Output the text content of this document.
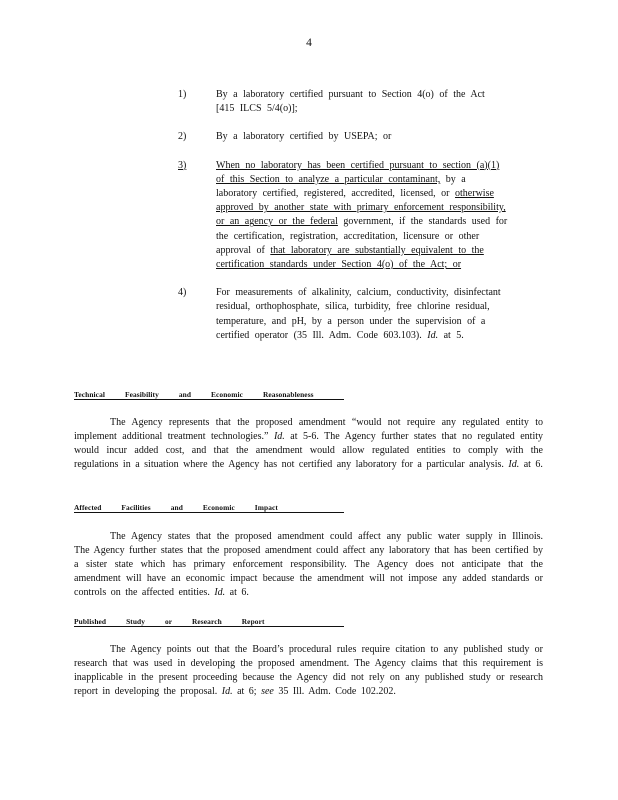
4
1)	By a laboratory certified pursuant to Section 4(o) of the Act [415 ILCS 5/4(o)];
2)	By a laboratory certified by USEPA; or
3)	When no laboratory has been certified pursuant to section (a)(1) of this Section to analyze a particular contaminant, by a laboratory certified, registered, accredited, licensed, or otherwise approved by another state with primary enforcement responsibility, or an agency or the federal government, if the standards used for the certification, registration, accreditation, licensure or other approval of that laboratory are substantially equivalent to the certification standards under Section 4(o) of the Act; or
4)	For measurements of alkalinity, calcium, conductivity, disinfectant residual, orthophosphate, silica, turbidity, free chlorine residual, temperature, and pH, by a person under the supervision of a certified operator (35 Ill. Adm. Code 603.103). Id. at 5.
Technical Feasibility and Economic Reasonableness
The Agency represents that the proposed amendment “would not require any regulated entity to implement additional treatment technologies.” Id. at 5-6. The Agency further states that no regulated entity would incur added cost, and that the amendment would allow regulated entities to comply with the regulations in a situation where the Agency has not certified any laboratory for a particular analysis. Id. at 6.
Affected Facilities and Economic Impact
The Agency states that the proposed amendment could affect any public water supply in Illinois. The Agency further states that the proposed amendment could affect any laboratory that has been certified by a sister state which has primary enforcement responsibility. The Agency does not anticipate that the amendment will have an economic impact because the amendment will not impose any added standards or controls on the affected entities. Id. at 6.
Published Study or Research Report
The Agency points out that the Board’s procedural rules require citation to any published study or research that was used in developing the proposed amendment. The Agency claims that this requirement is inapplicable in the present proceeding because the Agency did not rely on any published study or research report in developing the proposal. Id. at 6; see 35 Ill. Adm. Code 102.202.
